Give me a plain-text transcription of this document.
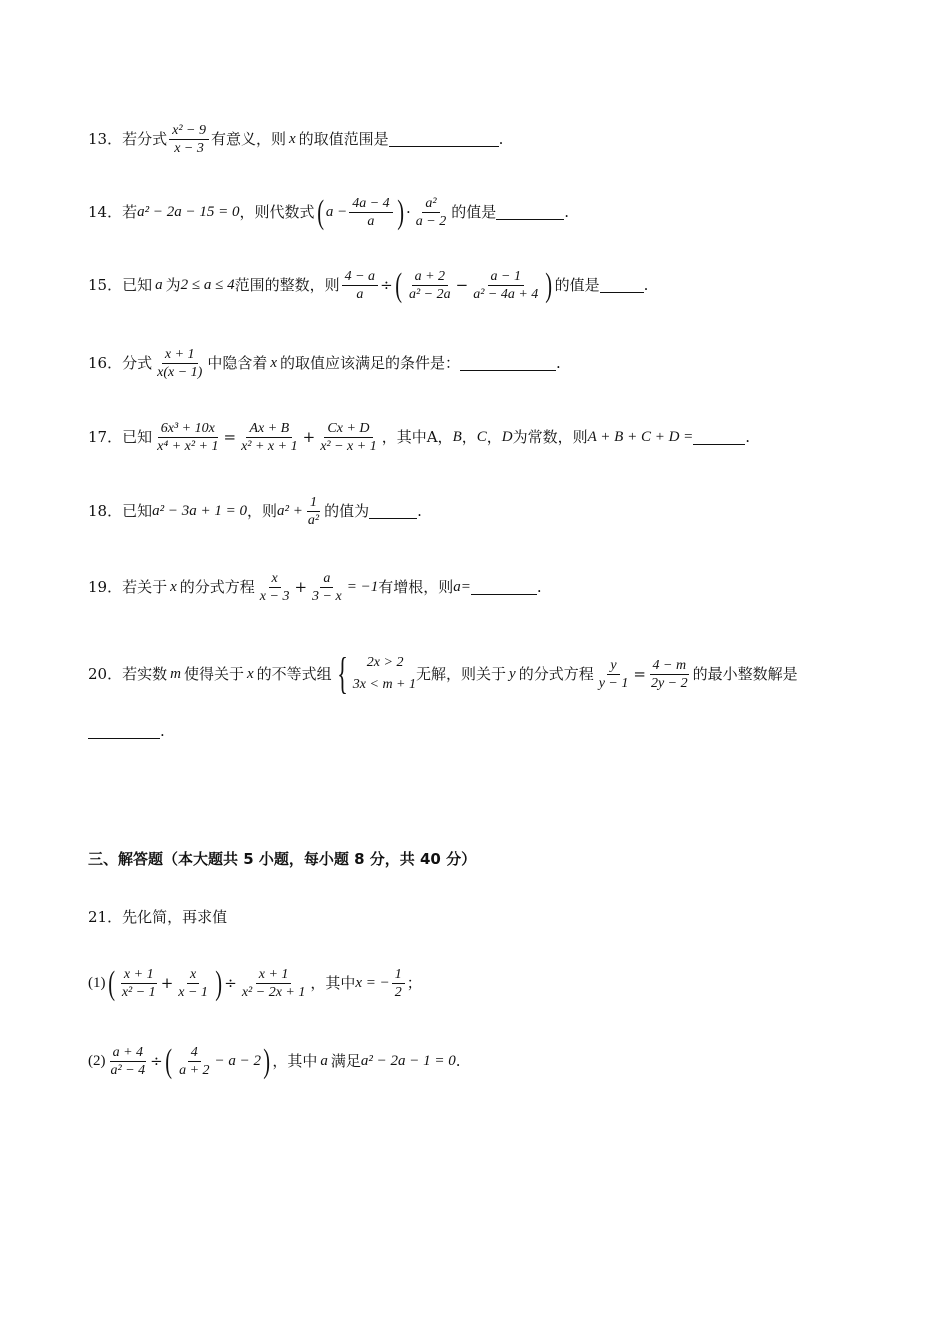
13． 若分式 $\frac{\text{x² − 9}}{x - 3}$ 有意义，则 x 的取值范围是	.
14． 若 a² − 2a − 15 = 0 ，则代数式 ( $a - \frac{4a - 4}{a}$ ) · $\frac{\text{a²}}{a - 2}$ 的值是	.
15． 已知 a 为 2 ≤ a ≤ 4 范围的整数，则 $\frac{4 - a}{a}$ ÷ ( $\frac{a + 2}{\text{a² − 2a}} - \frac{a - 1}{\text{a² − 4a + 4}}$ ) 的值是	.
16． 分式 $\frac{x + 1}{x(x - 1)}$ 中隐含着 x 的取值应该满足的条件是：	.
17． 已知 $\frac{\text{6x³ + 10x}}{\text{x⁴ + x² + 1}} = \frac{Ax + B}{\text{x² + x + 1}} + \frac{Cx + D}{\text{x² − x + 1}}$ ，其中A， B ， C ， D 为常数，则 A + B + C + D =	.
18． 已知 a² − 3a + 1 = 0 ，则 $a^2 + \frac{1}{\text{a²}}$ 的值为	.
19． 若关于 x 的分式方程 $\frac{x}{x - 3} + \frac{a}{3 - x} = -1$ 有增根，则 a=	.
20． 若实数 m 使得关于 x 的不等式组 {	2x > 2
3x < m + 1
无解，则关于 y 的分式方程 $\frac{y}{y - 1} = \frac{4 - m}{2y - 2}$ 的最小整数解是
.
三、解答题（本大题共 5 小题，每小题 8 分，共 40 分）
21．先化简，再求值
(1) ( $\frac{x + 1}{\text{x² − 1}} + \frac{x}{x - 1}$ ) ÷ $\frac{x + 1}{\text{x² − 2x + 1}}$ ，其中 x = − $\frac{1}{2}$ ；
$(2) \frac{a + 4}{\text{a² − 4}}$ ÷ ( $\frac{4}{a + 2} - a - 2$ ) ，其中 a 满足 a² − 2a − 1 = 0 .
